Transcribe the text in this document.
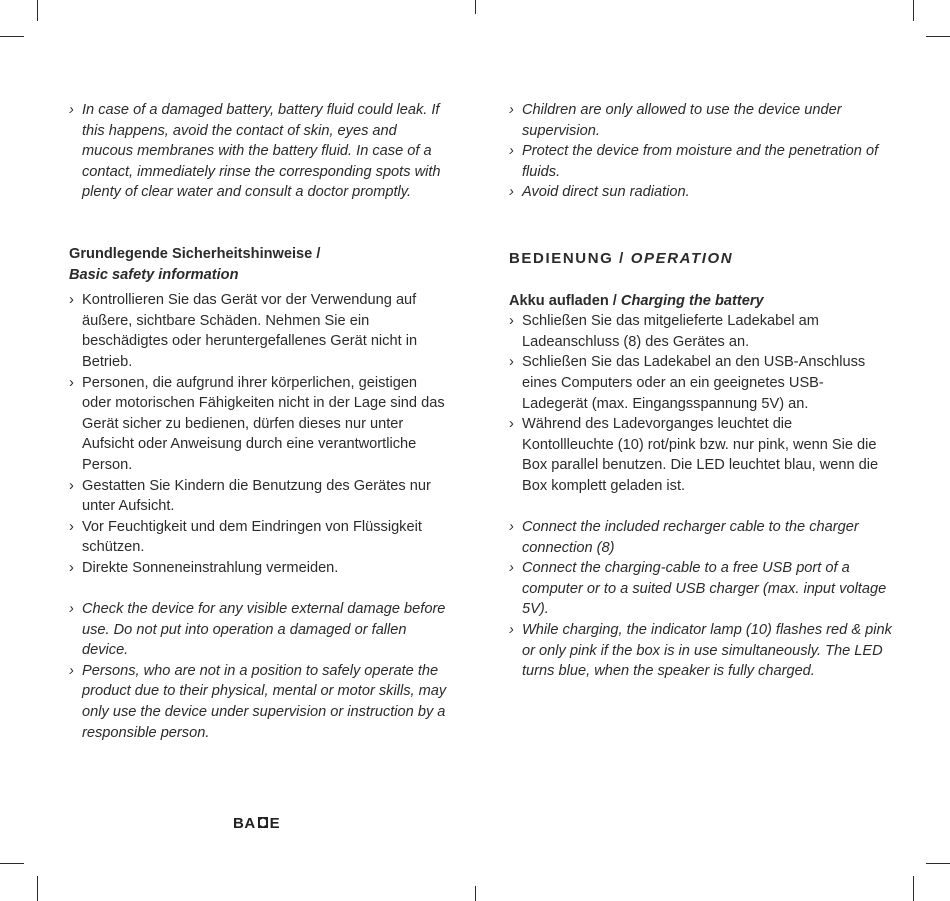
› In case of a damaged battery, battery fluid could leak. If this happens, avoid the contact of skin, eyes and mucous membranes with the battery fluid. In case of a contact, immediately rinse the corresponding spots with plenty of clear water and consult a doctor promptly.

Grundlegende Sicherheitshinweise /
Basic safety information

› Kontrollieren Sie das Gerät vor der Verwendung auf äußere, sichtbare Schäden. Nehmen Sie ein beschädigtes oder heruntergefallenes Gerät nicht in Betrieb.
› Personen, die aufgrund ihrer körperlichen, geistigen oder motorischen Fähigkeiten nicht in der Lage sind das Gerät sicher zu bedienen, dürfen dieses nur unter Aufsicht oder Anweisung durch eine verantwortliche Person.
› Gestatten Sie Kindern die Benutzung des Gerätes nur unter Aufsicht.
› Vor Feuchtigkeit und dem Eindringen von Flüssigkeit schützen.
› Direkte Sonneneinstrahlung vermeiden.
› Check the device for any visible external damage before use. Do not put into operation a damaged or fallen device.
› Persons, who are not in a position to safely operate the product due to their physical, mental or motor skills, may only use the device under supervision or instruction by a responsible person.
› Children are only allowed to use the device under supervision.
› Protect the device from moisture and the penetration of fluids.
› Avoid direct sun radiation.

BEDIENUNG / OPERATION

Akku aufladen / Charging the battery

› Schließen Sie das mitgelieferte Ladekabel am Ladeanschluss (8) des Gerätes an.
› Schließen Sie das Ladekabel an den USB-Anschluss eines Computers oder an ein geeignetes USB-Ladegerät (max. Eingangsspannung 5V) an.
› Während des Ladevorganges leuchtet die Kontollleuchte (10) rot/pink bzw. nur pink, wenn Sie die Box parallel benutzen. Die LED leuchtet blau, wenn die Box komplett geladen ist.
› Connect the included recharger cable to the charger connection (8)
› Connect the charging-cable to a free USB port of a computer or to a suited USB charger (max. input voltage 5V).
› While charging, the indicator lamp (10) flashes red & pink or only pink if the box is in use simultaneously. The LED turns blue, when the speaker is fully charged.
BA E
